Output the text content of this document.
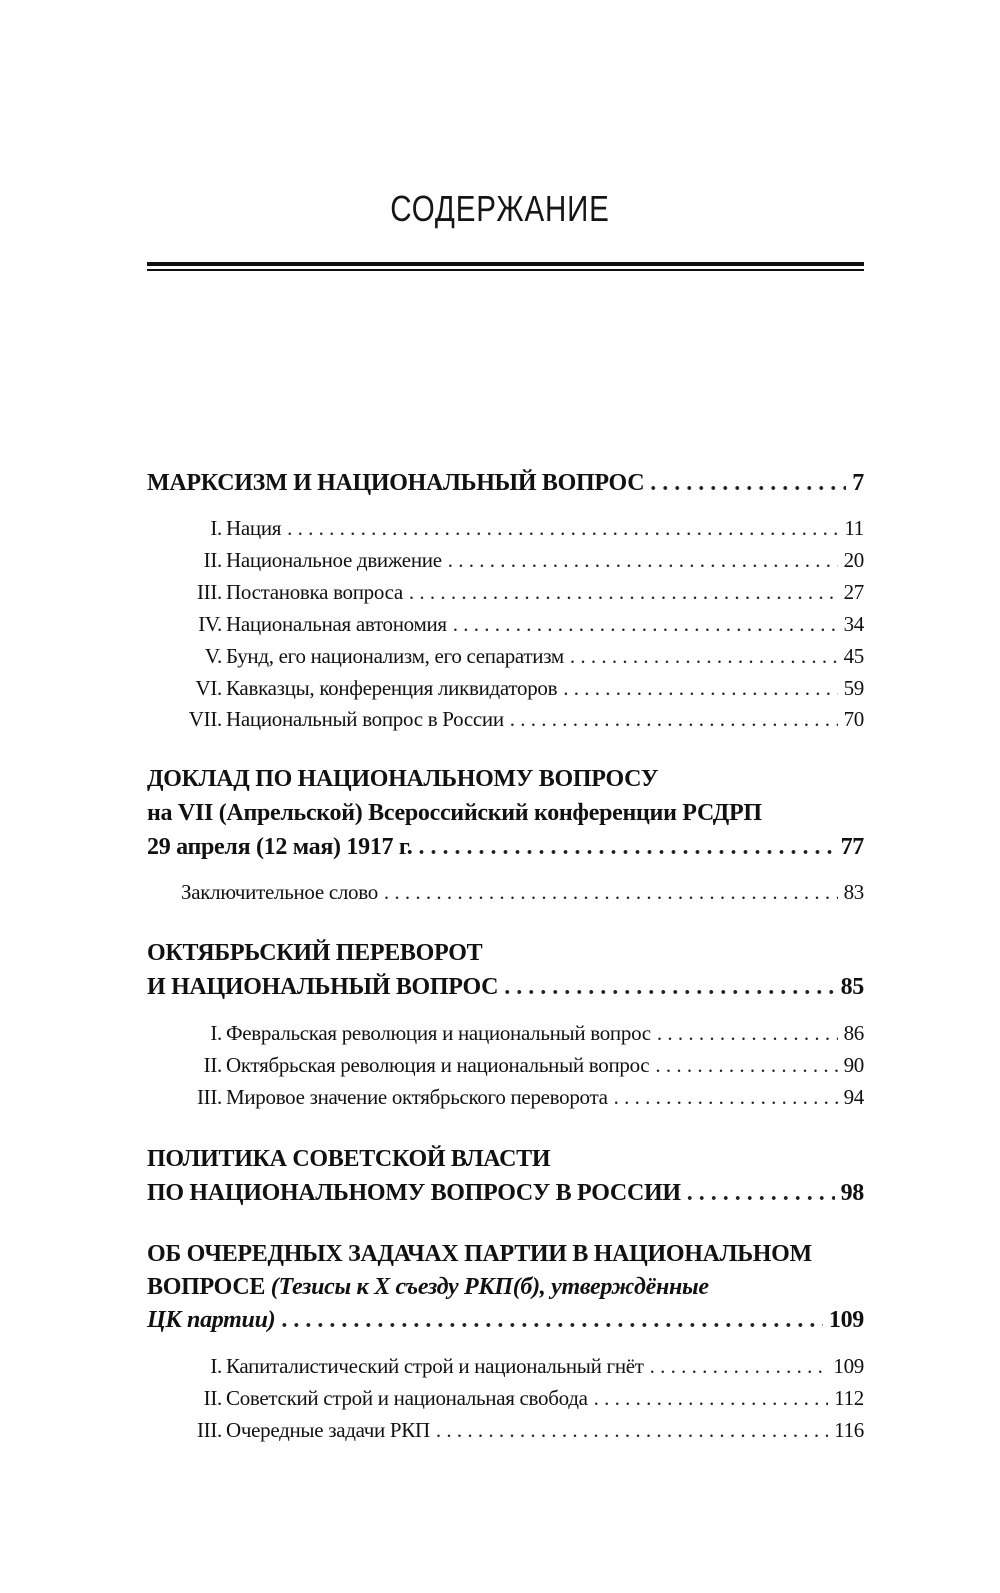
СОДЕРЖАНИЕ
МАРКСИЗМ И НАЦИОНАЛЬНЫЙ ВОПРОС . . .	7
I. Нация . . .	11
II. Национальное движение . . .	20
III. Постановка вопроса . . .	27
IV. Национальная автономия . . .	34
V. Бунд, его национализм, его сепаратизм . . .	45
VI. Кавказцы, конференция ликвидаторов . . .	59
VII. Национальный вопрос в России . . .	70
ДОКЛАД ПО НАЦИОНАЛЬНОМУ ВОПРОСУ
на VII (Апрельской) Всероссийский конференции РСДРП
29 апреля (12 мая) 1917 г. . . .	77
Заключительное слово . . .	83
ОКТЯБРЬСКИЙ ПЕРЕВОРОТ
И НАЦИОНАЛЬНЫЙ ВОПРОС . . .	85
I. Февральская революция и национальный вопрос . . .	86
II. Октябрьская революция и национальный вопрос . . .	90
III. Мировое значение октябрьского переворота . . .	94
ПОЛИТИКА СОВЕТСКОЙ ВЛАСТИ
ПО НАЦИОНАЛЬНОМУ ВОПРОСУ В РОССИИ . . .	98
ОБ ОЧЕРЕДНЫХ ЗАДАЧАХ ПАРТИИ В НАЦИОНАЛЬНОМ
ВОПРОСЕ (Тезисы к X съезду РКП(б), утверждённые
ЦК партии) . . .	109
I. Капиталистический строй и национальный гнёт . . .	109
II. Советский строй и национальная свобода . . .	112
III. Очередные задачи РКП . . .	116
